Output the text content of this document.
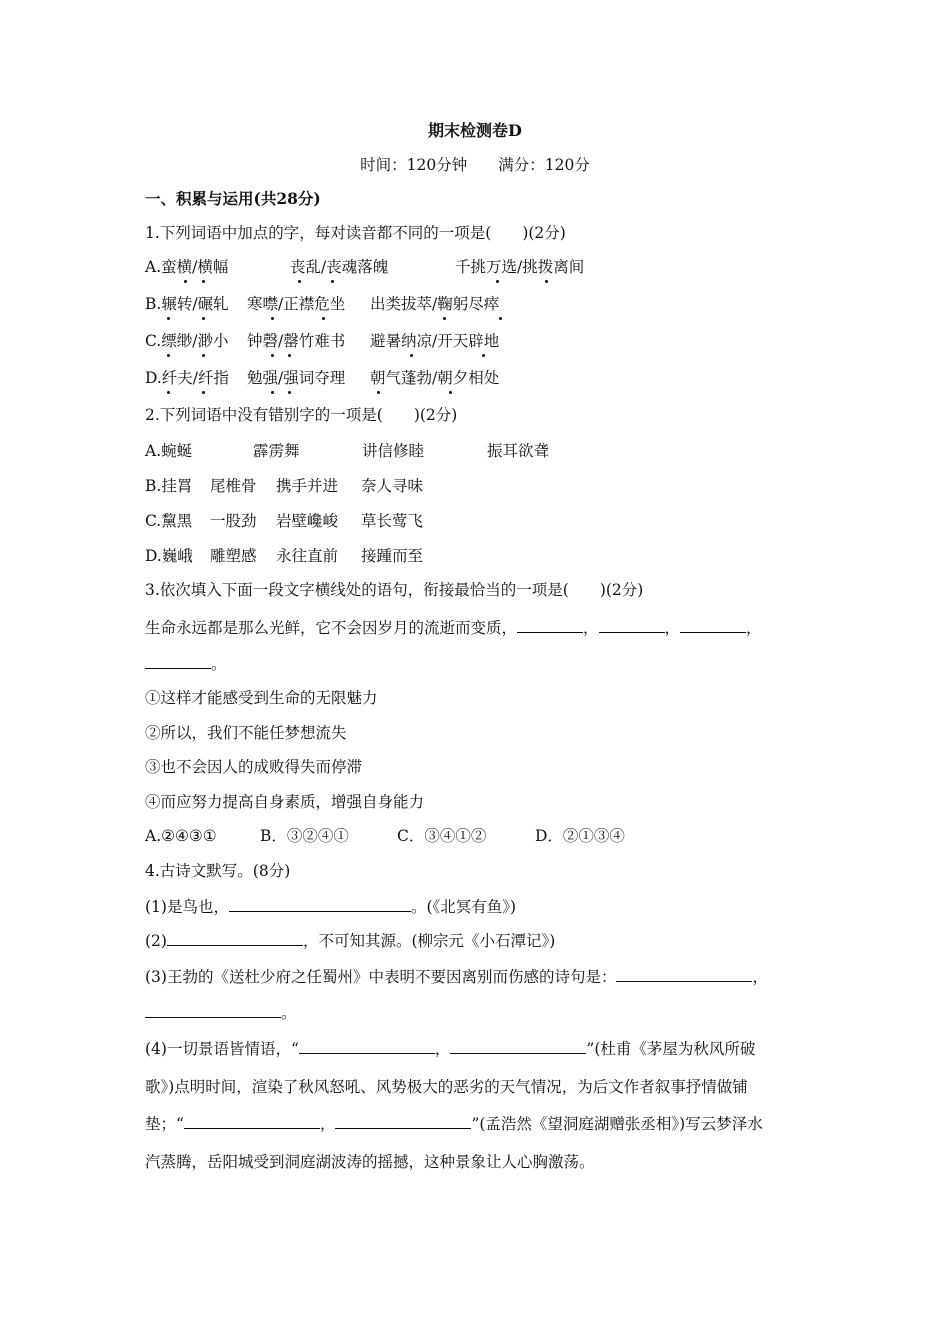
期末检测卷D
时间：120分钟　　满分：120分
一、积累与运用(共28分)
1.下列词语中加点的字，每对读音都不同的一项是(　　)(2分)
A.蛮横/横幅	丧乱/丧魂落魄	千挑万选/挑拨离间
B.辗转/碾轧 寒噤/正襟危坐 出类拔萃/鞠躬尽瘁
C.缥缈/渺小 钟磬/罄竹难书 避暑纳凉/开天辟地
D.纤夫/纤指 勉强/强词夺理 朝气蓬勃/朝夕相处
2.下列词语中没有错别字的一项是(　　)(2分)
A.蜿蜒	霹雳舞	讲信修睦	振耳欲聋
B.挂罥 尾椎骨 携手并进 奈人寻味
C.黧黑 一股劲 岩壁巉峻 草长莺飞
D.巍峨 雕塑感 永往直前 接踵而至
3.依次填入下面一段文字横线处的语句，衔接最恰当的一项是(　　)(2分)
生命永远都是那么光鲜，它不会因岁月的流逝而变质，	，	，	，
。
①这样才能感受到生命的无限魅力
②所以，我们不能任梦想流失
③也不会因人的成败得失而停滞
④而应努力提高自身素质，增强自身能力
A.②④③①	B．③②④①	C．③④①②	D．②①③④
4.古诗文默写。(8分)
(1)是鸟也，	。(《北冥有鱼》)
(2)	，不可知其源。(柳宗元《小石潭记》)
(3)王勃的《送杜少府之任蜀州》中表明不要因离别而伤感的诗句是：	，
。
(4)一切景语皆情语，“	，	”(杜甫《茅屋为秋风所破
歌》)点明时间，渲染了秋风怒吼、风势极大的恶劣的天气情况，为后文作者叙事抒情做铺
垫；“	，	”(孟浩然《望洞庭湖赠张丞相》)写云梦泽水
汽蒸腾，岳阳城受到洞庭湖波涛的摇撼，这种景象让人心胸激荡。
